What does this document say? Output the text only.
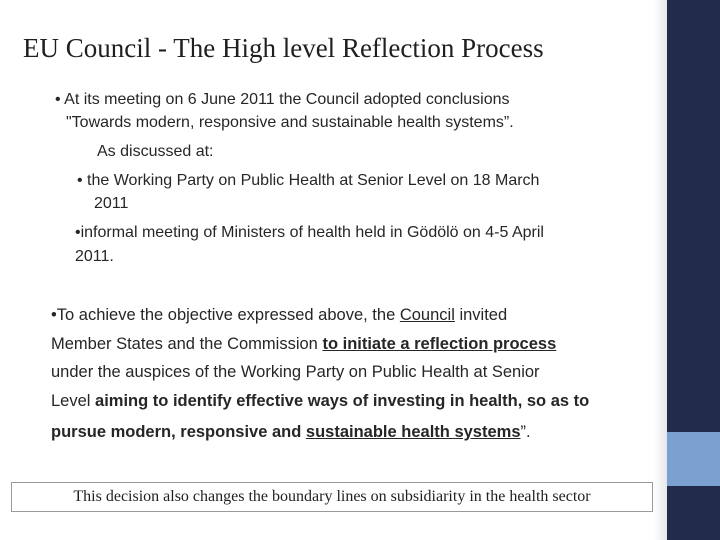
EU Council - The High level Reflection Process
• At its meeting on 6 June 2011 the Council adopted conclusions
"Towards modern, responsive and sustainable health systems”.
As discussed at:
• the Working Party on Public Health at Senior Level on 18 March
2011
•informal meeting of Ministers of health held in Gödölö on 4-5 April
2011.
•To achieve the objective expressed above, the Council invited
Member States and the Commission to initiate a reflection process
under the auspices of the Working Party on Public Health at Senior
Level aiming to identify effective ways of investing in health, so as to
pursue modern, responsive and sustainable health systems”.
This decision also changes the boundary lines on subsidiarity in the health sector
